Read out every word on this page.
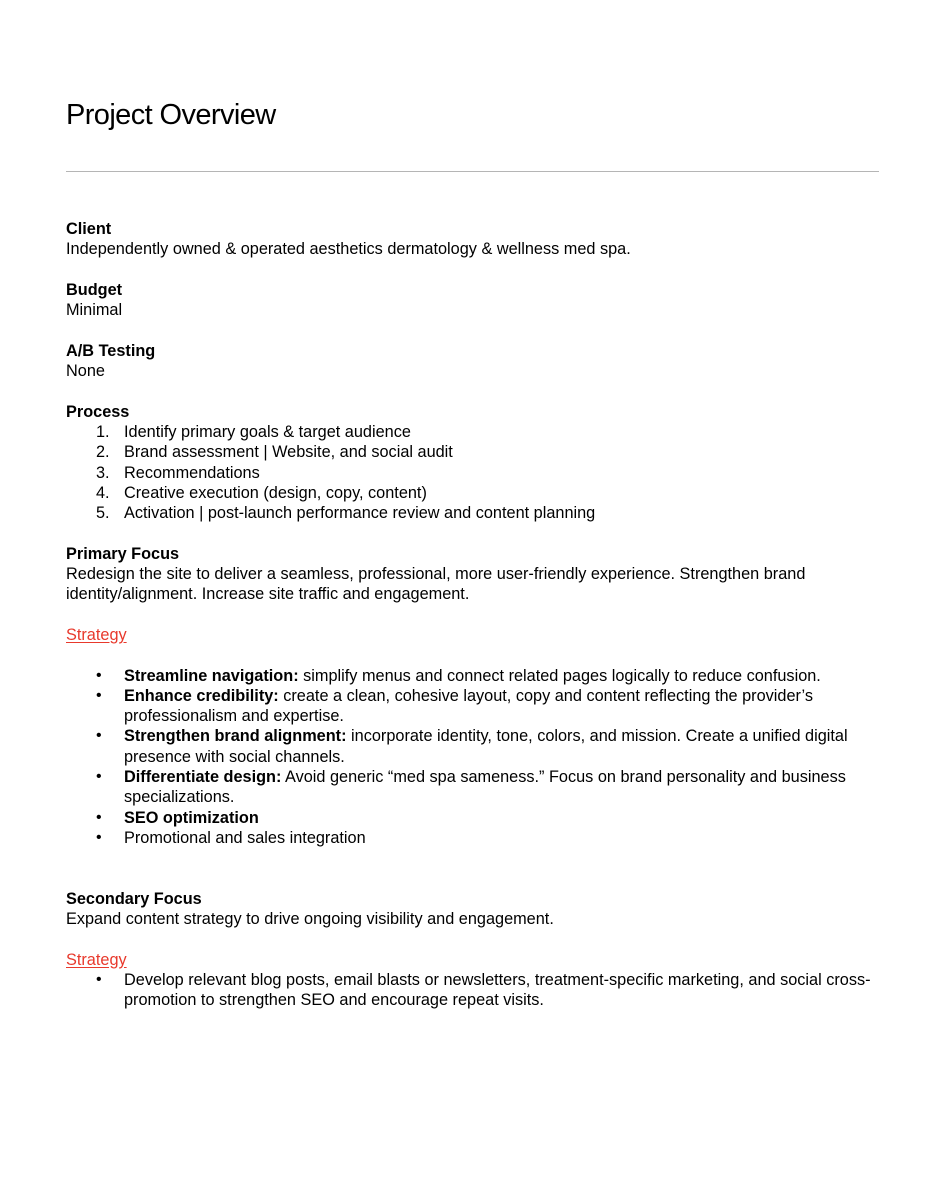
Project Overview
Client
Independently owned & operated aesthetics dermatology & wellness med spa.
Budget
Minimal
A/B Testing
None
Process
1. Identify primary goals & target audience
2. Brand assessment | Website, and social audit
3. Recommendations
4. Creative execution (design, copy, content)
5. Activation | post-launch performance review and content planning
Primary Focus
Redesign the site to deliver a seamless, professional, more user-friendly experience. Strengthen brand identity/alignment. Increase site traffic and engagement.
Strategy
• Streamline navigation: simplify menus and connect related pages logically to reduce confusion.
• Enhance credibility: create a clean, cohesive layout, copy and content reflecting the provider’s professionalism and expertise.
• Strengthen brand alignment: incorporate identity, tone, colors, and mission. Create a unified digital presence with social channels.
• Differentiate design: Avoid generic “med spa sameness.” Focus on brand personality and business specializations.
• SEO optimization
• Promotional and sales integration
Secondary Focus
Expand content strategy to drive ongoing visibility and engagement.
Strategy
• Develop relevant blog posts, email blasts or newsletters, treatment-specific marketing, and social cross-promotion to strengthen SEO and encourage repeat visits.
